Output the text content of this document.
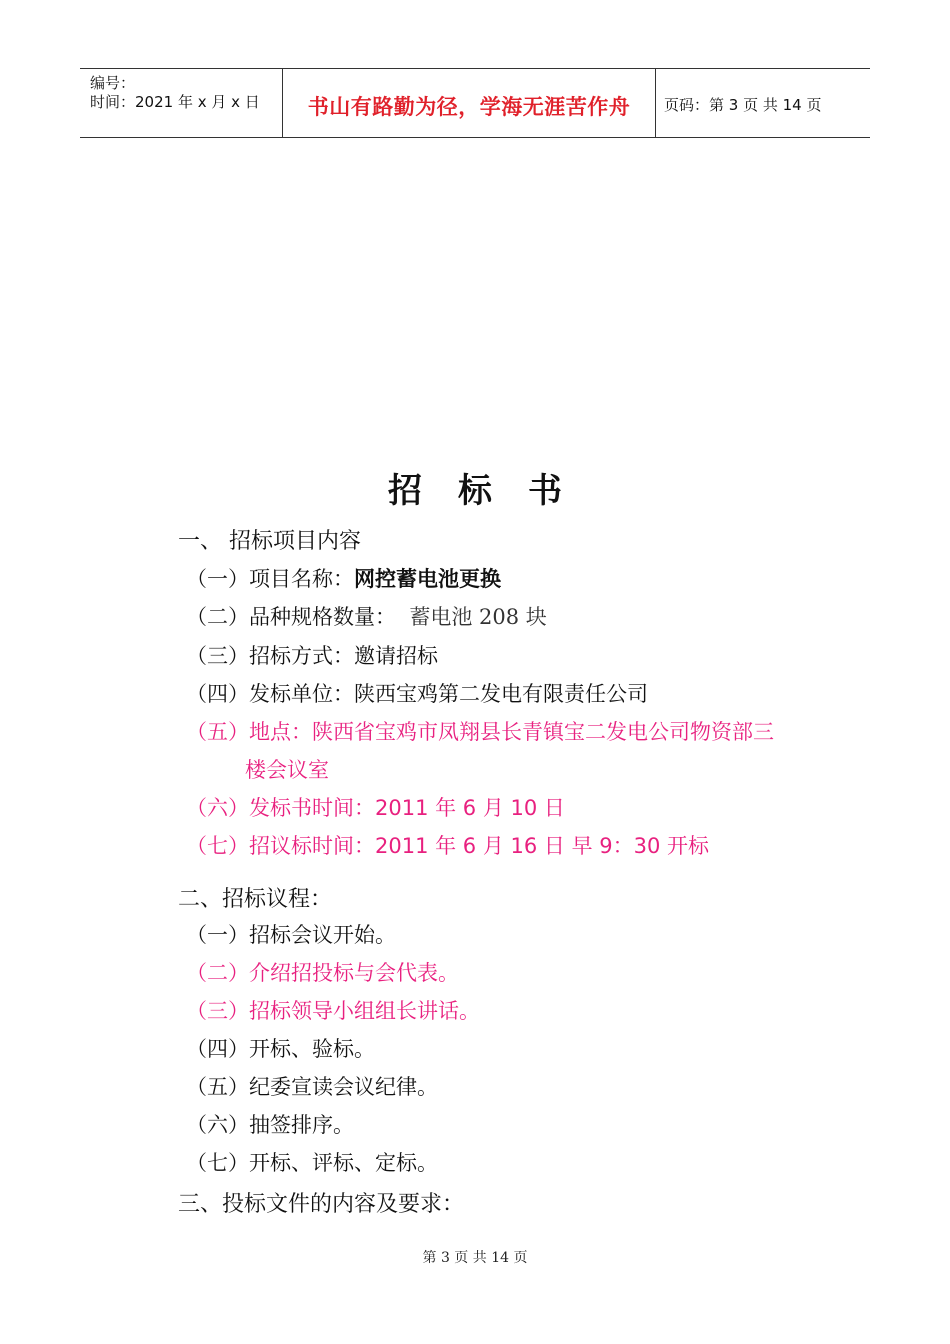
编号：
时间：2021 年 x 月 x 日	书山有路勤为径，学海无涯苦作舟	页码：第 3 页 共 14 页
招标书
一、 招标项目内容
（一）项目名称：网控蓄电池更换
（二）品种规格数量： 蓄电池 208 块
（三）招标方式：邀请招标
（四）发标单位：陕西宝鸡第二发电有限责任公司
（五）地点：陕西省宝鸡市凤翔县长青镇宝二发电公司物资部三
楼会议室
（六）发标书时间：2011 年 6 月 10 日
（七）招议标时间：2011 年 6 月 16 日 早 9：30 开标
二、招标议程：
（一）招标会议开始。
（二）介绍招投标与会代表。
（三）招标领导小组组长讲话。
（四）开标、验标。
（五）纪委宣读会议纪律。
（六）抽签排序。
（七）开标、评标、定标。
三、投标文件的内容及要求：
第 3 页 共 14 页
